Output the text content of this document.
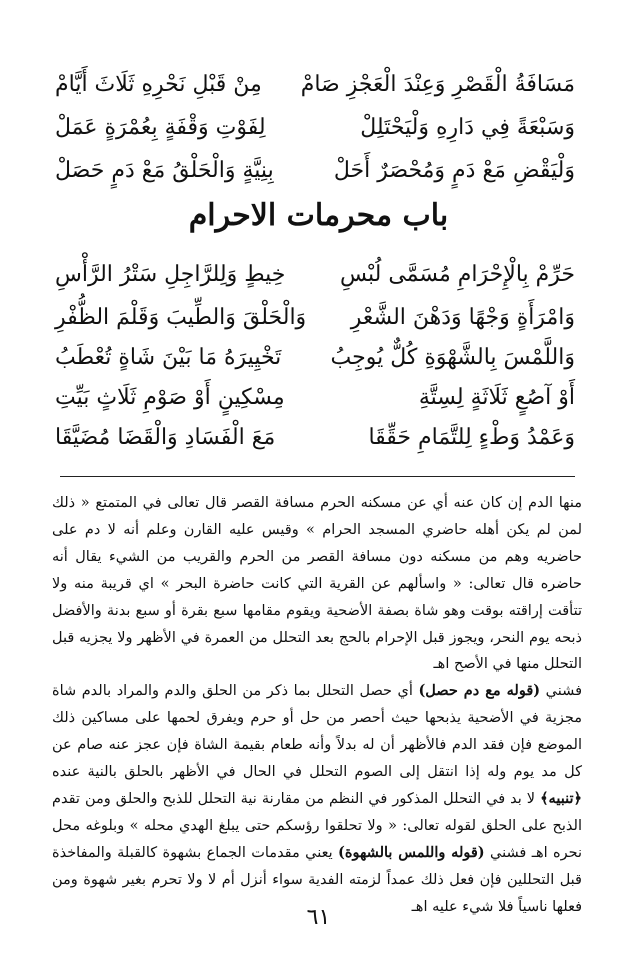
مَسَافَةُ الْقَصْرِ وَعِنْدَ الْعَجْزِ صَامْ
مِنْ قَبْلِ نَحْرِهِ ثَلَاثَ أَيَّامْ
وَسَبْعَةً فِي دَارِهِ وَلْيَحْتَلِلْ
لِفَوْتِ وَقْفَةٍ بِعُمْرَةٍ عَمَلْ
وَلْيَقْضِ مَعْ دَمٍ وَمُحْصَرٌ أَحَلْ
بِنِيَّةٍ وَالْحَلْقُ مَعْ دَمٍ حَصَلْ
باب محرمات الاحرام
حَرِّمْ بِالْإِحْرَامِ مُسَمَّى لُبْسِ
خِيطٍ وَلِلرَّاجِلِ سَتْرُ الرَّأْسِ
وَامْرَأَةٍ وَجْهًا وَدَهْنَ الشَّعْرِ
وَالْحَلْقَ وَالطِّيبَ وَقَلْمَ الظُّفْرِ
وَاللَّمْسَ بِالشَّهْوَةِ كُلٌّ يُوجِبُ
تَخْيِيرَهُ مَا بَيْنَ شَاةٍ تُعْطَبُ
أَوْ آصُعٍ ثَلَاثَةٍ لِسِتَّةِ
مِسْكِينٍ أَوْ صَوْمِ ثَلَاثٍ بَيِّتِ
وَعَمْدُ وَطْءٍ لِلتَّمَامِ حَقِّقَا
مَعَ الْفَسَادِ وَالْقَضَا مُضَيَّقَا

منها الدم إن كان عنه أي عن مسكنه الحرم مسافة القصر قال تعالى في المتمتع « ذلك لمن لم يكن أهله حاضري المسجد الحرام » وقيس عليه القارن وعلم أنه لا دم على حاضريه وهم من مسكنه دون مسافة القصر من الحرم والقريب من الشيء يقال أنه حاضره قال تعالى: « واسألهم عن القرية التي كانت حاضرة البحر » اي قريبة منه ولا تتأقت إراقته بوقت وهو شاة بصفة الأضحية ويقوم مقامها سبع بقرة أو سبع بدنة والأفضل ذبحه يوم النحر، ويجوز قبل الإحرام بالحج بعد التحلل من العمرة في الأظهر ولا يجزيه قبل التحلل منها في الأصح اهـ

فشني (قوله مع دم حصل) أي حصل التحلل بما ذكر من الحلق والدم والمراد بالدم شاة مجزية في الأضحية يذبحها حيث أحصر من حل أو حرم ويفرق لحمها على مساكين ذلك الموضع فإن فقد الدم فالأظهر أن له بدلاً وأنه طعام بقيمة الشاة فإن عجز عنه صام عن كل مد يوم وله إذا انتقل إلى الصوم التحلل في الحال في الأظهر بالحلق بالنية عنده ﴿تنبيه﴾ لا بد في التحلل المذكور في النظم من مقارنة نية التحلل للذبح والحلق ومن تقدم الذبح على الحلق لقوله تعالى: « ولا تحلقوا رؤسكم حتى يبلغ الهدي محله » وبلوغه محل نحره اهـ فشني (قوله واللمس بالشهوة) يعني مقدمات الجماع بشهوة كالقبلة والمفاخذة قبل التحللين فإن فعل ذلك عمداً لزمته الفدية سواء أنزل أم لا ولا تحرم بغير شهوة ومن فعلها ناسياً فلا شيء عليه اهـ

٦١
